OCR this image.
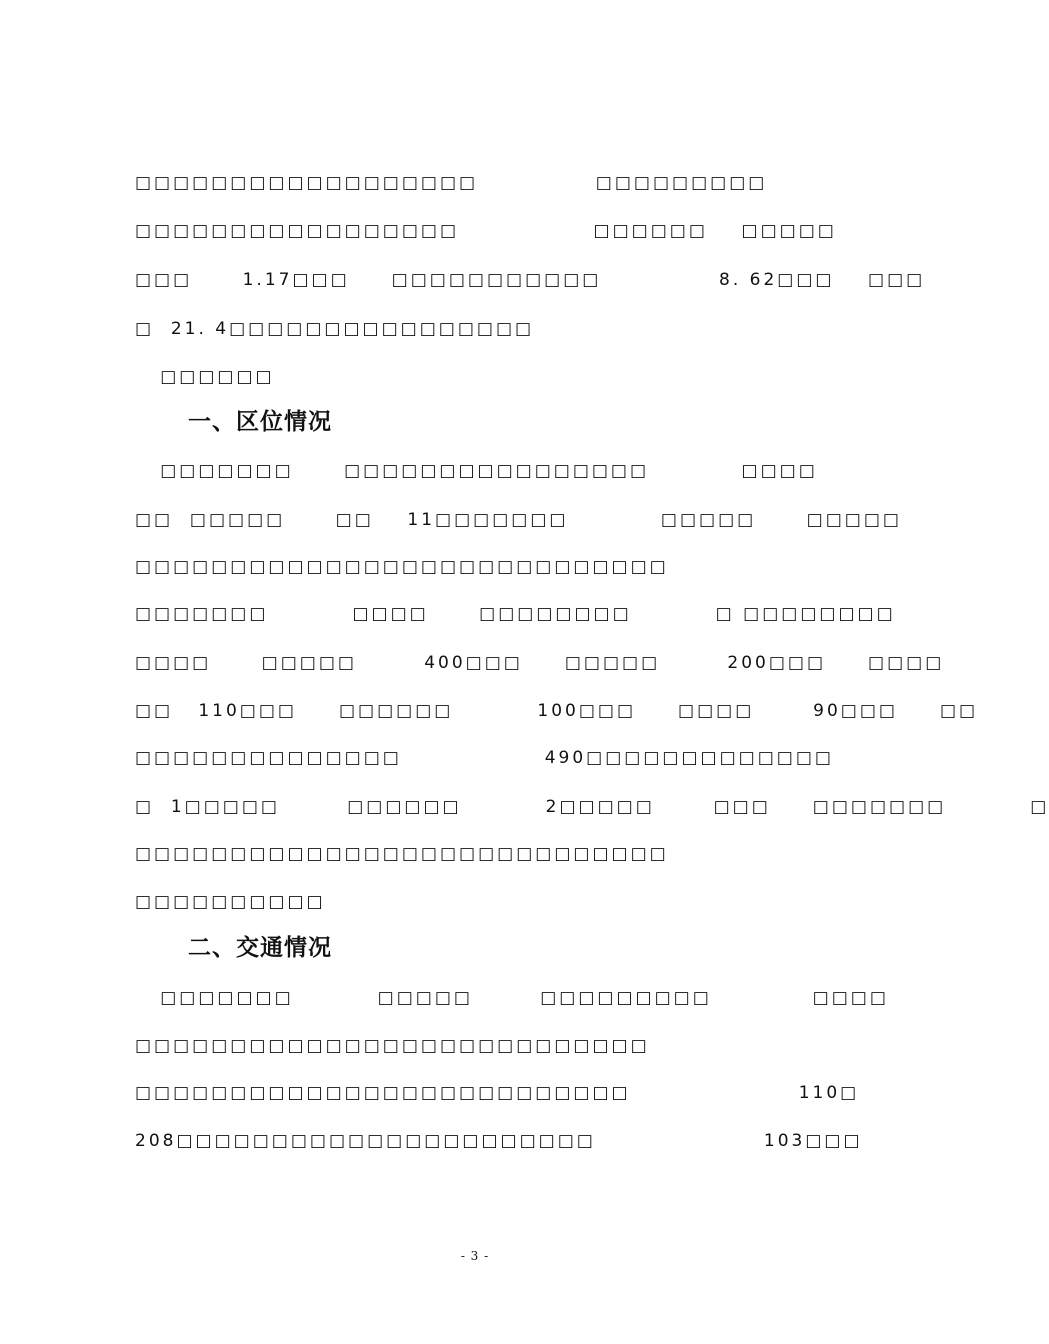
□□□□□□□□□□□□□□□□□□              □□□□□□□□□
□□□□□□□□□□□□□□□□□                □□□□□□    □□□□□
□□□      1.17□□□     □□□□□□□□□□□              8. 62□□□    □□□
□  21. 4□□□□□□□□□□□□□□□□
□□□□□□
一、区位情况
□□□□□□□      □□□□□□□□□□□□□□□□           □□□□
□□  □□□□□      □□    11□□□□□□□           □□□□□      □□□□□
□□□□□□□□□□□□□□□□□□□□□□□□□□□□
□□□□□□□          □□□□      □□□□□□□□          □ □□□□□□□□
□□□□      □□□□□        400□□□     □□□□□        200□□□     □□□□
□□   110□□□     □□□□□□          100□□□     □□□□       90□□□     □□
□□□□□□□□□□□□□□                 490□□□□□□□□□□□□□
□  1□□□□□        □□□□□□          2□□□□□       □□□     □□□□□□□          □
□□□□□□□□□□□□□□□□□□□□□□□□□□□□
□□□□□□□□□□
二、交通情况
□□□□□□□          □□□□□        □□□□□□□□□            □□□□
□□□□□□□□□□□□□□□□□□□□□□□□□□□
□□□□□□□□□□□□□□□□□□□□□□□□□□                    110□
208□□□□□□□□□□□□□□□□□□□□□□                    103□□□
- 3 -
